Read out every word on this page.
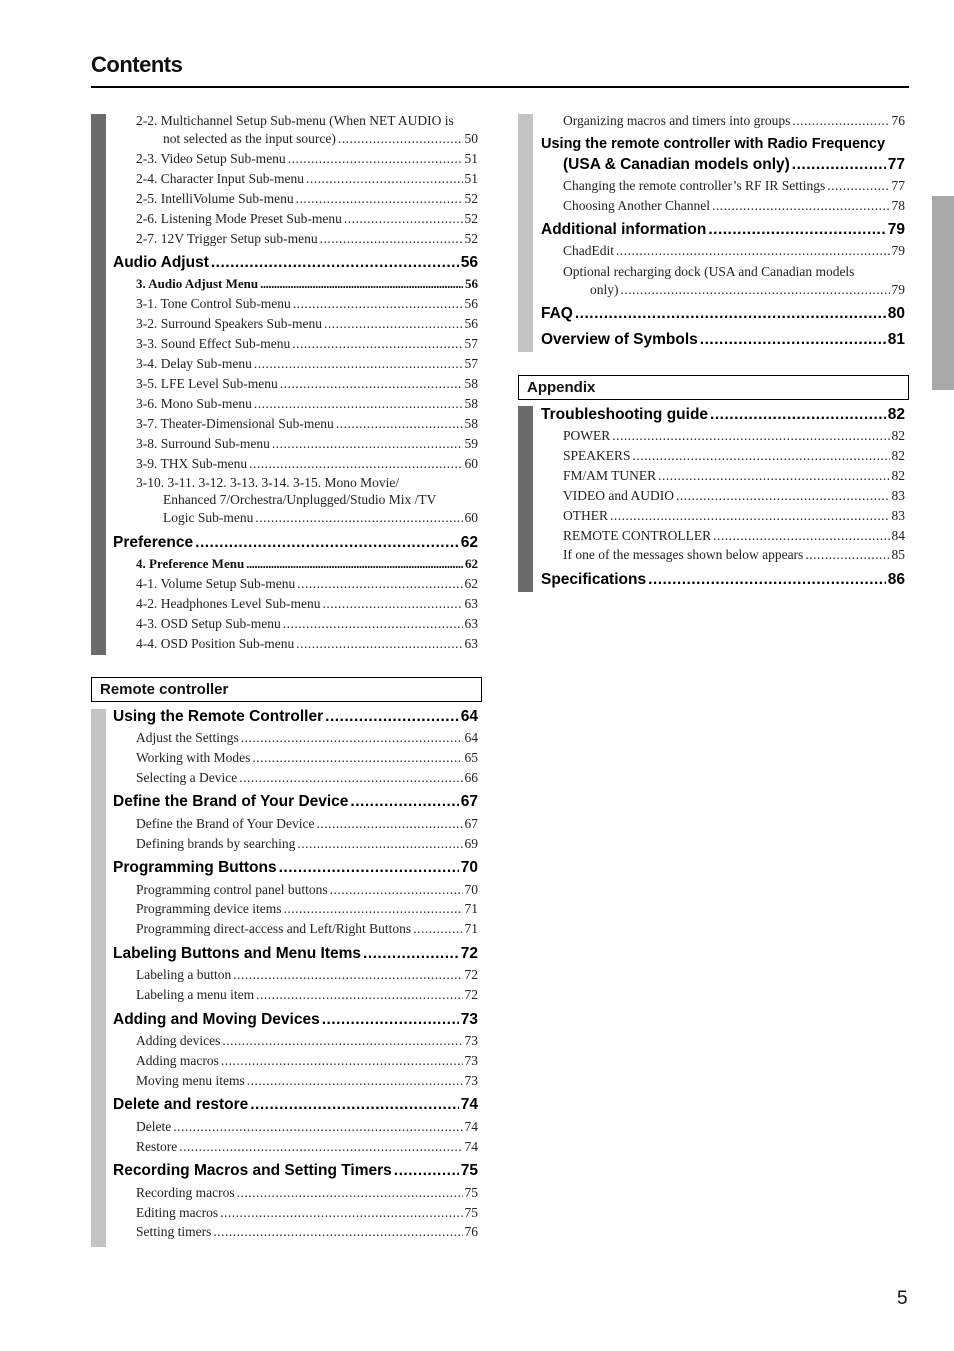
Contents
Remote controller
Appendix
2-2. Multichannel Setup Sub-menu (When NET AUDIO is
not selected as the input source) .....	50
2-3. Video Setup Sub-menu .....	51
2-4. Character Input Sub-menu .....	51
2-5. IntelliVolume Sub-menu .....	52
2-6. Listening Mode Preset Sub-menu .....	52
2-7. 12V Trigger Setup sub-menu .....	52
Audio Adjust .....	56
3. Audio Adjust Menu .....	56
3-1. Tone Control Sub-menu .....	56
3-2. Surround Speakers Sub-menu .....	56
3-3. Sound Effect Sub-menu .....	57
3-4. Delay Sub-menu .....	57
3-5. LFE Level Sub-menu .....	58
3-6. Mono Sub-menu .....	58
3-7. Theater-Dimensional Sub-menu .....	58
3-8. Surround Sub-menu .....	59
3-9. THX Sub-menu .....	60
3-10. 3-11. 3-12. 3-13. 3-14. 3-15. Mono Movie/
Enhanced 7/Orchestra/Unplugged/Studio Mix /TV
Logic Sub-menu .....	60
Preference .....	62
4. Preference Menu .....	62
4-1. Volume Setup Sub-menu .....	62
4-2. Headphones Level Sub-menu .....	63
4-3. OSD Setup Sub-menu .....	63
4-4. OSD Position Sub-menu .....	63
Using the Remote Controller .....	64
Adjust the Settings .....	64
Working with Modes .....	65
Selecting a Device .....	66
Define the Brand of Your Device .....	67
Define the Brand of Your Device .....	67
Defining brands by searching .....	69
Programming Buttons .....	70
Programming control panel buttons .....	70
Programming device items .....	71
Programming direct-access and Left/Right Buttons .....	71
Labeling Buttons and Menu Items .....	72
Labeling a button .....	72
Labeling a menu item .....	72
Adding and Moving Devices .....	73
Adding devices .....	73
Adding macros .....	73
Moving menu items .....	73
Delete and restore .....	74
Delete .....	74
Restore .....	74
Recording Macros and Setting Timers .....	75
Recording macros .....	75
Editing macros .....	75
Setting timers .....	76
Organizing macros and timers into groups .....	76
Using the remote controller with Radio Frequency
(USA & Canadian models only) .....	77
Changing the remote controller’s RF IR Settings .....	77
Choosing Another Channel .....	78
Additional information .....	79
ChadEdit .....	79
Optional recharging dock (USA and Canadian models
only) .....	79
FAQ .....	80
Overview of Symbols .....	81
Troubleshooting guide .....	82
POWER .....	82
SPEAKERS .....	82
FM/AM TUNER .....	82
VIDEO and AUDIO .....	83
OTHER .....	83
REMOTE CONTROLLER .....	84
If one of the messages shown below appears .....	85
Specifications .....	86
5
